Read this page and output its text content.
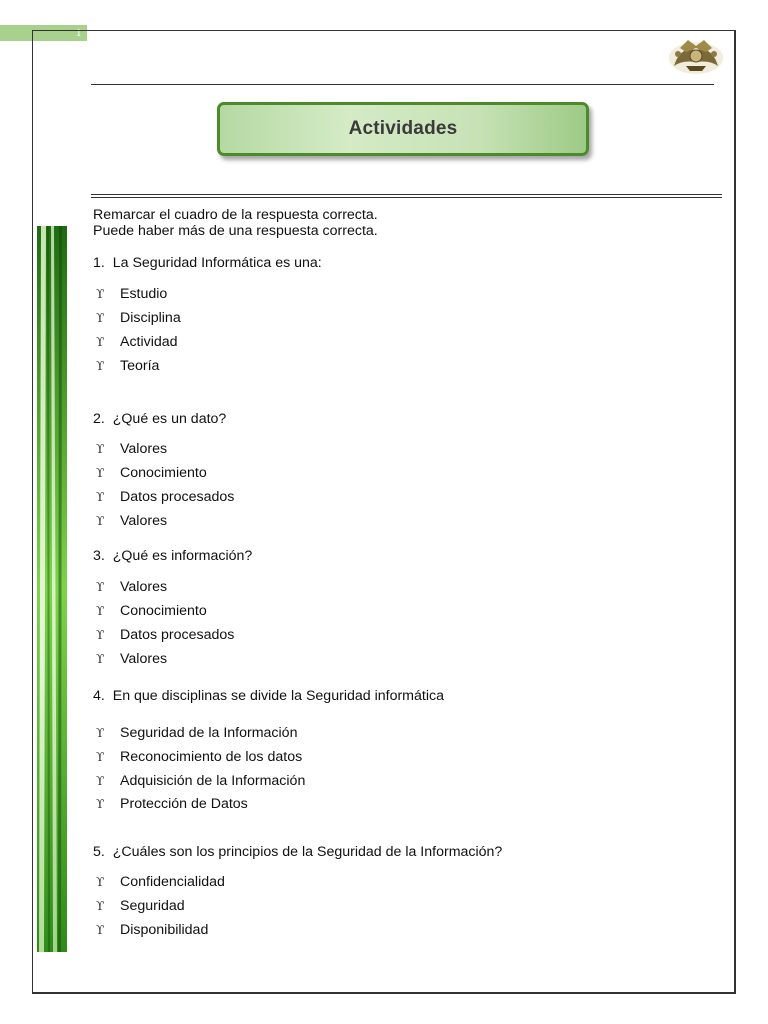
1
Actividades
Remarcar el cuadro de la respuesta correcta.
Puede haber más de una respuesta correcta.
1. La Seguridad Informática es una:
ϒ Estudio
ϒ Disciplina
ϒ Actividad
ϒ Teoría
2. ¿Qué es un dato?
ϒ Valores
ϒ Conocimiento
ϒ Datos procesados
ϒ Valores
3. ¿Qué es información?
ϒ Valores
ϒ Conocimiento
ϒ Datos procesados
ϒ Valores
4. En que disciplinas se divide la Seguridad informática
ϒ Seguridad de la Información
ϒ Reconocimiento de los datos
ϒ Adquisición de la Información
ϒ Protección de Datos
5. ¿Cuáles son los principios de la Seguridad de la Información?
ϒ Confidencialidad
ϒ Seguridad
ϒ Disponibilidad
